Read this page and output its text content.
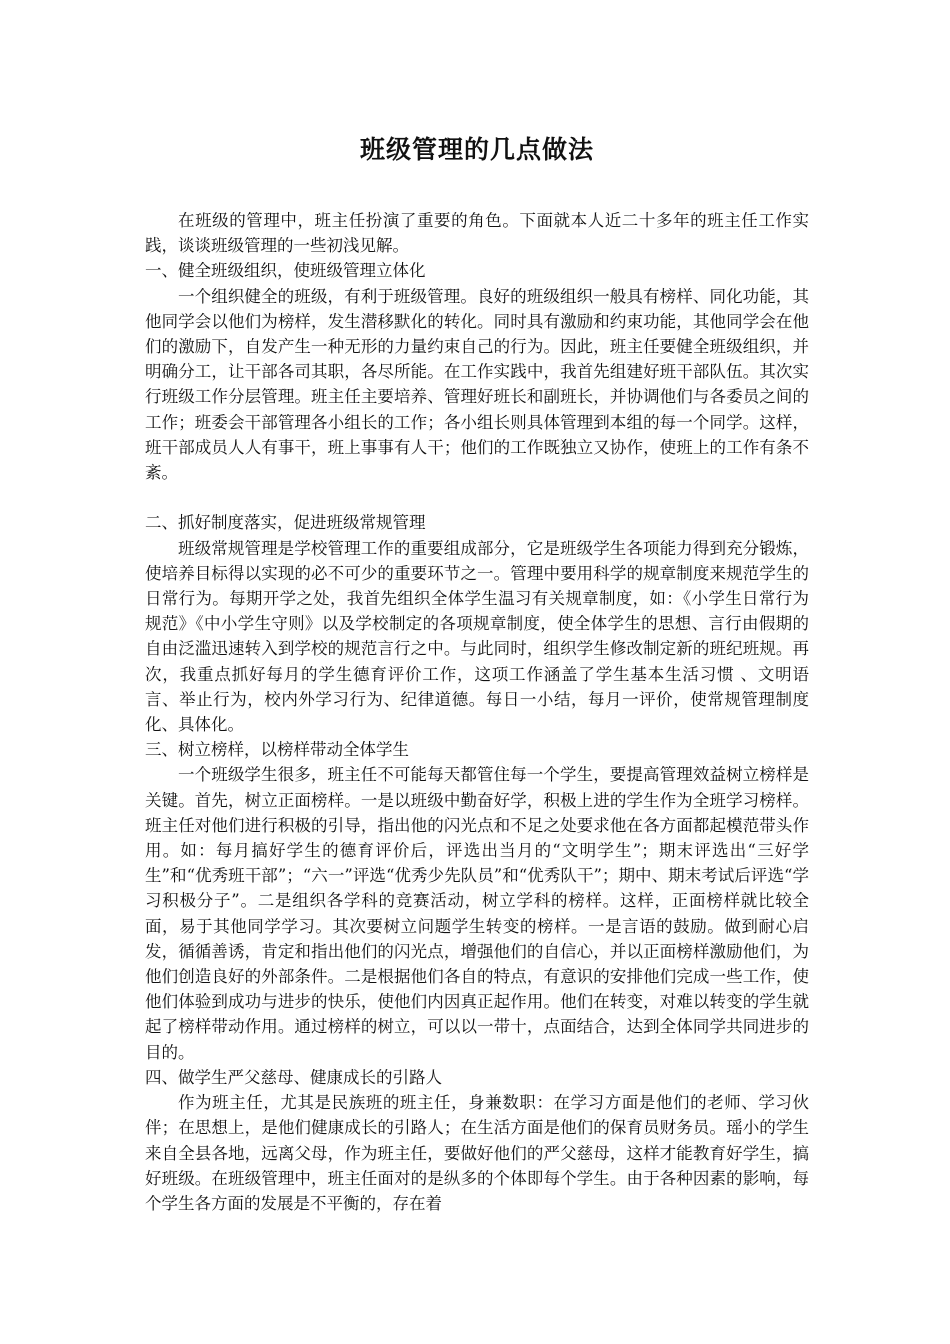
班级管理的几点做法

在班级的管理中，班主任扮演了重要的角色。下面就本人近二十多年的班主任工作实践，谈谈班级管理的一些初浅见解。

一、健全班级组织，使班级管理立体化

一个组织健全的班级，有利于班级管理。良好的班级组织一般具有榜样、同化功能，其他同学会以他们为榜样，发生潜移默化的转化。同时具有激励和约束功能，其他同学会在他们的激励下，自发产生一种无形的力量约束自己的行为。因此，班主任要健全班级组织，并明确分工，让干部各司其职，各尽所能。在工作实践中，我首先组建好班干部队伍。其次实行班级工作分层管理。班主任主要培养、管理好班长和副班长，并协调他们与各委员之间的工作；班委会干部管理各小组长的工作；各小组长则具体管理到本组的每一个同学。这样，班干部成员人人有事干，班上事事有人干；他们的工作既独立又协作，使班上的工作有条不紊。

二、抓好制度落实，促进班级常规管理

班级常规管理是学校管理工作的重要组成部分，它是班级学生各项能力得到充分锻炼，使培养目标得以实现的必不可少的重要环节之一。管理中要用科学的规章制度来规范学生的日常行为。每期开学之处，我首先组织全体学生温习有关规章制度，如：《小学生日常行为规范》《中小学生守则》以及学校制定的各项规章制度，使全体学生的思想、言行由假期的自由泛滥迅速转入到学校的规范言行之中。与此同时，组织学生修改制定新的班纪班规。再次，我重点抓好每月的学生德育评价工作，这项工作涵盖了学生基本生活习惯 、文明语言、举止行为，校内外学习行为、纪律道德。每日一小结，每月一评价，使常规管理制度化、具体化。

三、树立榜样，以榜样带动全体学生

一个班级学生很多，班主任不可能每天都管住每一个学生，要提高管理效益树立榜样是关键。首先，树立正面榜样。一是以班级中勤奋好学，积极上进的学生作为全班学习榜样。班主任对他们进行积极的引导，指出他的闪光点和不足之处要求他在各方面都起模范带头作用。如：每月搞好学生的德育评价后，评选出当月的“文明学生”；期末评选出“三好学生”和“优秀班干部”；“六一”评选“优秀少先队员”和“优秀队干”；期中、期末考试后评选“学习积极分子”。二是组织各学科的竞赛活动，树立学科的榜样。这样，正面榜样就比较全面，易于其他同学学习。其次要树立问题学生转变的榜样。一是言语的鼓励。做到耐心启发，循循善诱，肯定和指出他们的闪光点，增强他们的自信心，并以正面榜样激励他们，为他们创造良好的外部条件。二是根据他们各自的特点，有意识的安排他们完成一些工作，使他们体验到成功与进步的快乐，使他们内因真正起作用。他们在转变，对难以转变的学生就起了榜样带动作用。通过榜样的树立，可以以一带十，点面结合，达到全体同学共同进步的目的。

四、做学生严父慈母、健康成长的引路人

作为班主任，尤其是民族班的班主任，身兼数职：在学习方面是他们的老师、学习伙伴；在思想上，是他们健康成长的引路人；在生活方面是他们的保育员财务员。瑶小的学生来自全县各地，远离父母，作为班主任，要做好他们的严父慈母，这样才能教育好学生，搞好班级。在班级管理中，班主任面对的是纵多的个体即每个学生。由于各种因素的影响，每个学生各方面的发展是不平衡的，存在着
